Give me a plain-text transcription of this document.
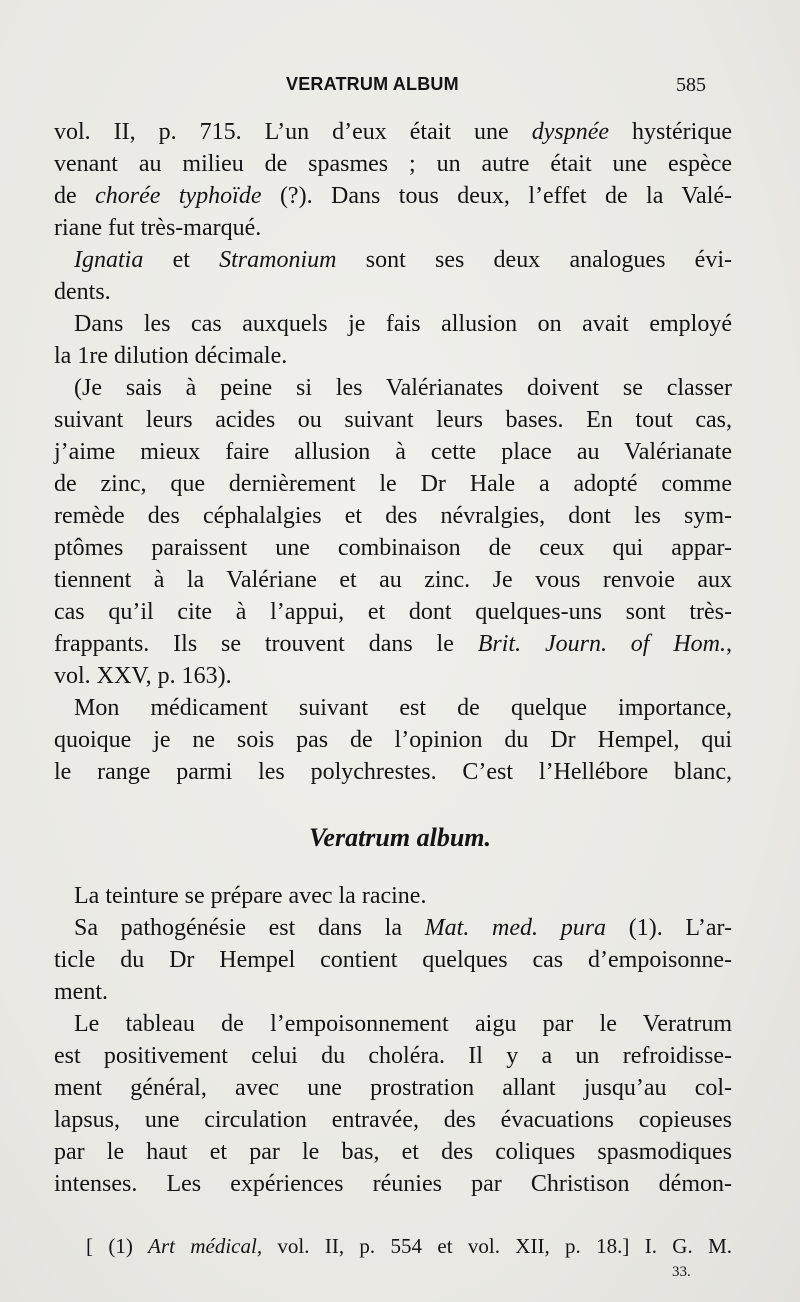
VERATRUM ALBUM	585
vol. II, p. 715. L’un d’eux était une dyspnée hystérique
venant au milieu de spasmes ; un autre était une espèce
de chorée typhoïde (?). Dans tous deux, l’effet de la Valé-
riane fut très-marqué.
Ignatia et Stramonium sont ses deux analogues évi-
dents.
Dans les cas auxquels je fais allusion on avait employé
la 1re dilution décimale.
(Je sais à peine si les Valérianates doivent se classer
suivant leurs acides ou suivant leurs bases. En tout cas,
j’aime mieux faire allusion à cette place au Valérianate
de zinc, que dernièrement le Dr Hale a adopté comme
remède des céphalalgies et des névralgies, dont les sym-
ptômes paraissent une combinaison de ceux qui appar-
tiennent à la Valériane et au zinc. Je vous renvoie aux
cas qu’il cite à l’appui, et dont quelques-uns sont très-
frappants. Ils se trouvent dans le Brit. Journ. of Hom.,
vol. XXV, p. 163).
Mon médicament suivant est de quelque importance,
quoique je ne sois pas de l’opinion du Dr Hempel, qui
le range parmi les polychrestes. C’est l’Hellébore blanc,
Veratrum album.
La teinture se prépare avec la racine.
Sa pathogénésie est dans la Mat. med. pura (1). L’ar-
ticle du Dr Hempel contient quelques cas d’empoisonne-
ment.
Le tableau de l’empoisonnement aigu par le Veratrum
est positivement celui du choléra. Il y a un refroidisse-
ment général, avec une prostration allant jusqu’au col-
lapsus, une circulation entravée, des évacuations copieuses
par le haut et par le bas, et des coliques spasmodiques
intenses. Les expériences réunies par Christison démon-
[ (1) Art médical, vol. II, p. 554 et vol. XII, p. 18.] I. G. M.
33.
